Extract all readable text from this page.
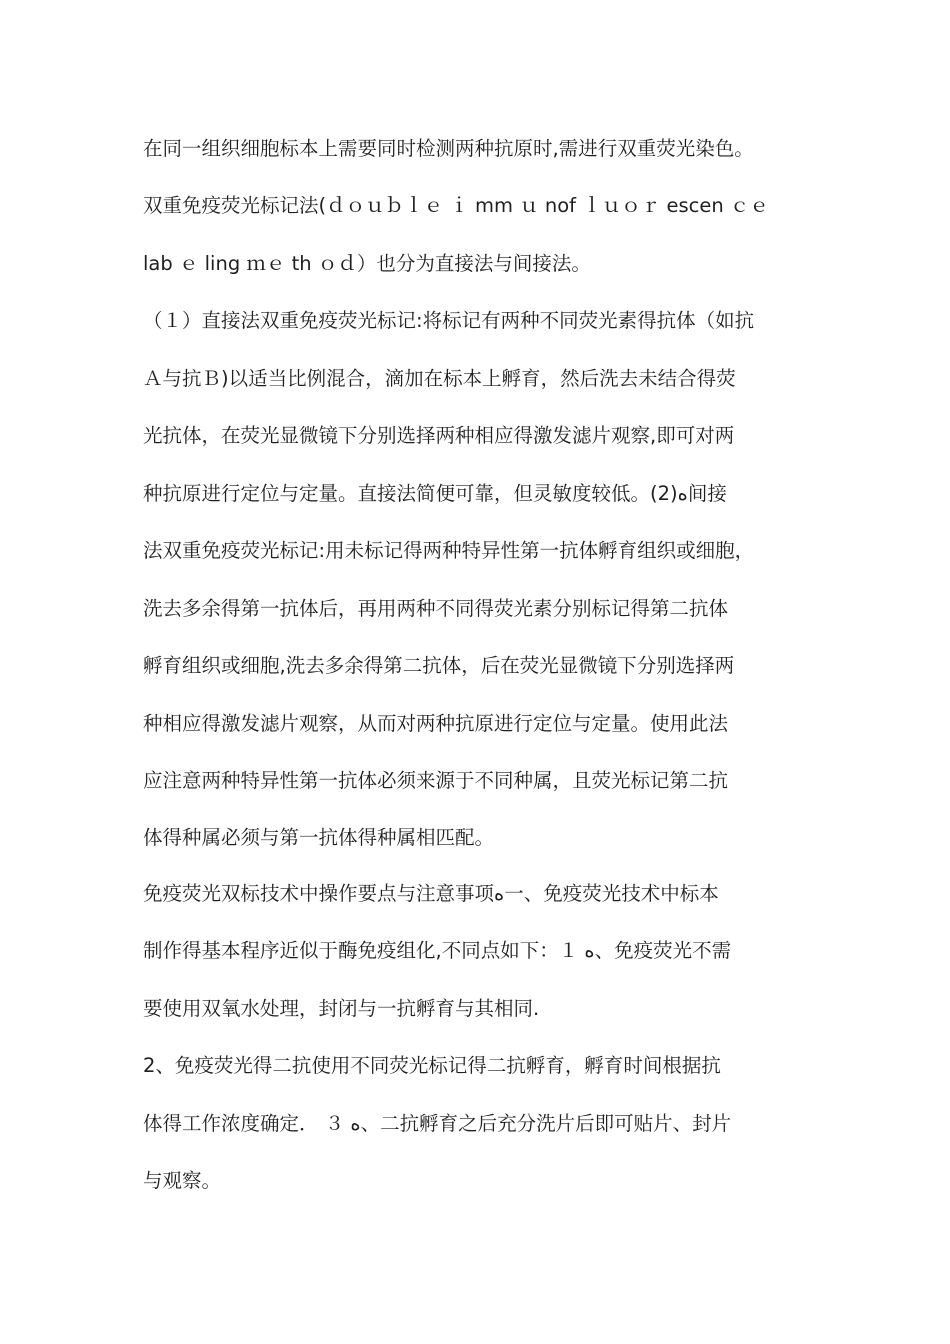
在同一组织细胞标本上需要同时检测两种抗原时,需进行双重荧光染色。
双重免疫荧光标记法(ｄｏｕｂｌｅ ｉ mm ｕ nof ｌｕｏｒ escen ｃｅ
lab ｅ ling ｍｅ th ｏｄ）也分为直接法与间接法。
（１）直接法双重免疫荧光标记:将标记有两种不同荧光素得抗体（如抗
Ａ与抗Ｂ)以适当比例混合，滴加在标本上孵育，然后洗去未结合得荧
光抗体，在荧光显微镜下分别选择两种相应得激发滤片观察,即可对两
种抗原进行定位与定量。直接法简便可靠，但灵敏度较低。(2)ﻩ间接
法双重免疫荧光标记:用未标记得两种特异性第一抗体孵育组织或细胞，
洗去多余得第一抗体后，再用两种不同得荧光素分别标记得第二抗体
孵育组织或细胞,洗去多余得第二抗体，后在荧光显微镜下分别选择两
种相应得激发滤片观察，从而对两种抗原进行定位与定量。使用此法
应注意两种特异性第一抗体必须来源于不同种属，且荧光标记第二抗
体得种属必须与第一抗体得种属相匹配。
免疫荧光双标技术中操作要点与注意事项ﻩ一、免疫荧光技术中标本
制作得基本程序近似于酶免疫组化,不同点如下：１ ﻩ、免疫荧光不需
要使用双氧水处理，封闭与一抗孵育与其相同.
2、免疫荧光得二抗使用不同荧光标记得二抗孵育，孵育时间根据抗
体得工作浓度确定． ３ ﻩ、二抗孵育之后充分洗片后即可贴片、封片
与观察。
